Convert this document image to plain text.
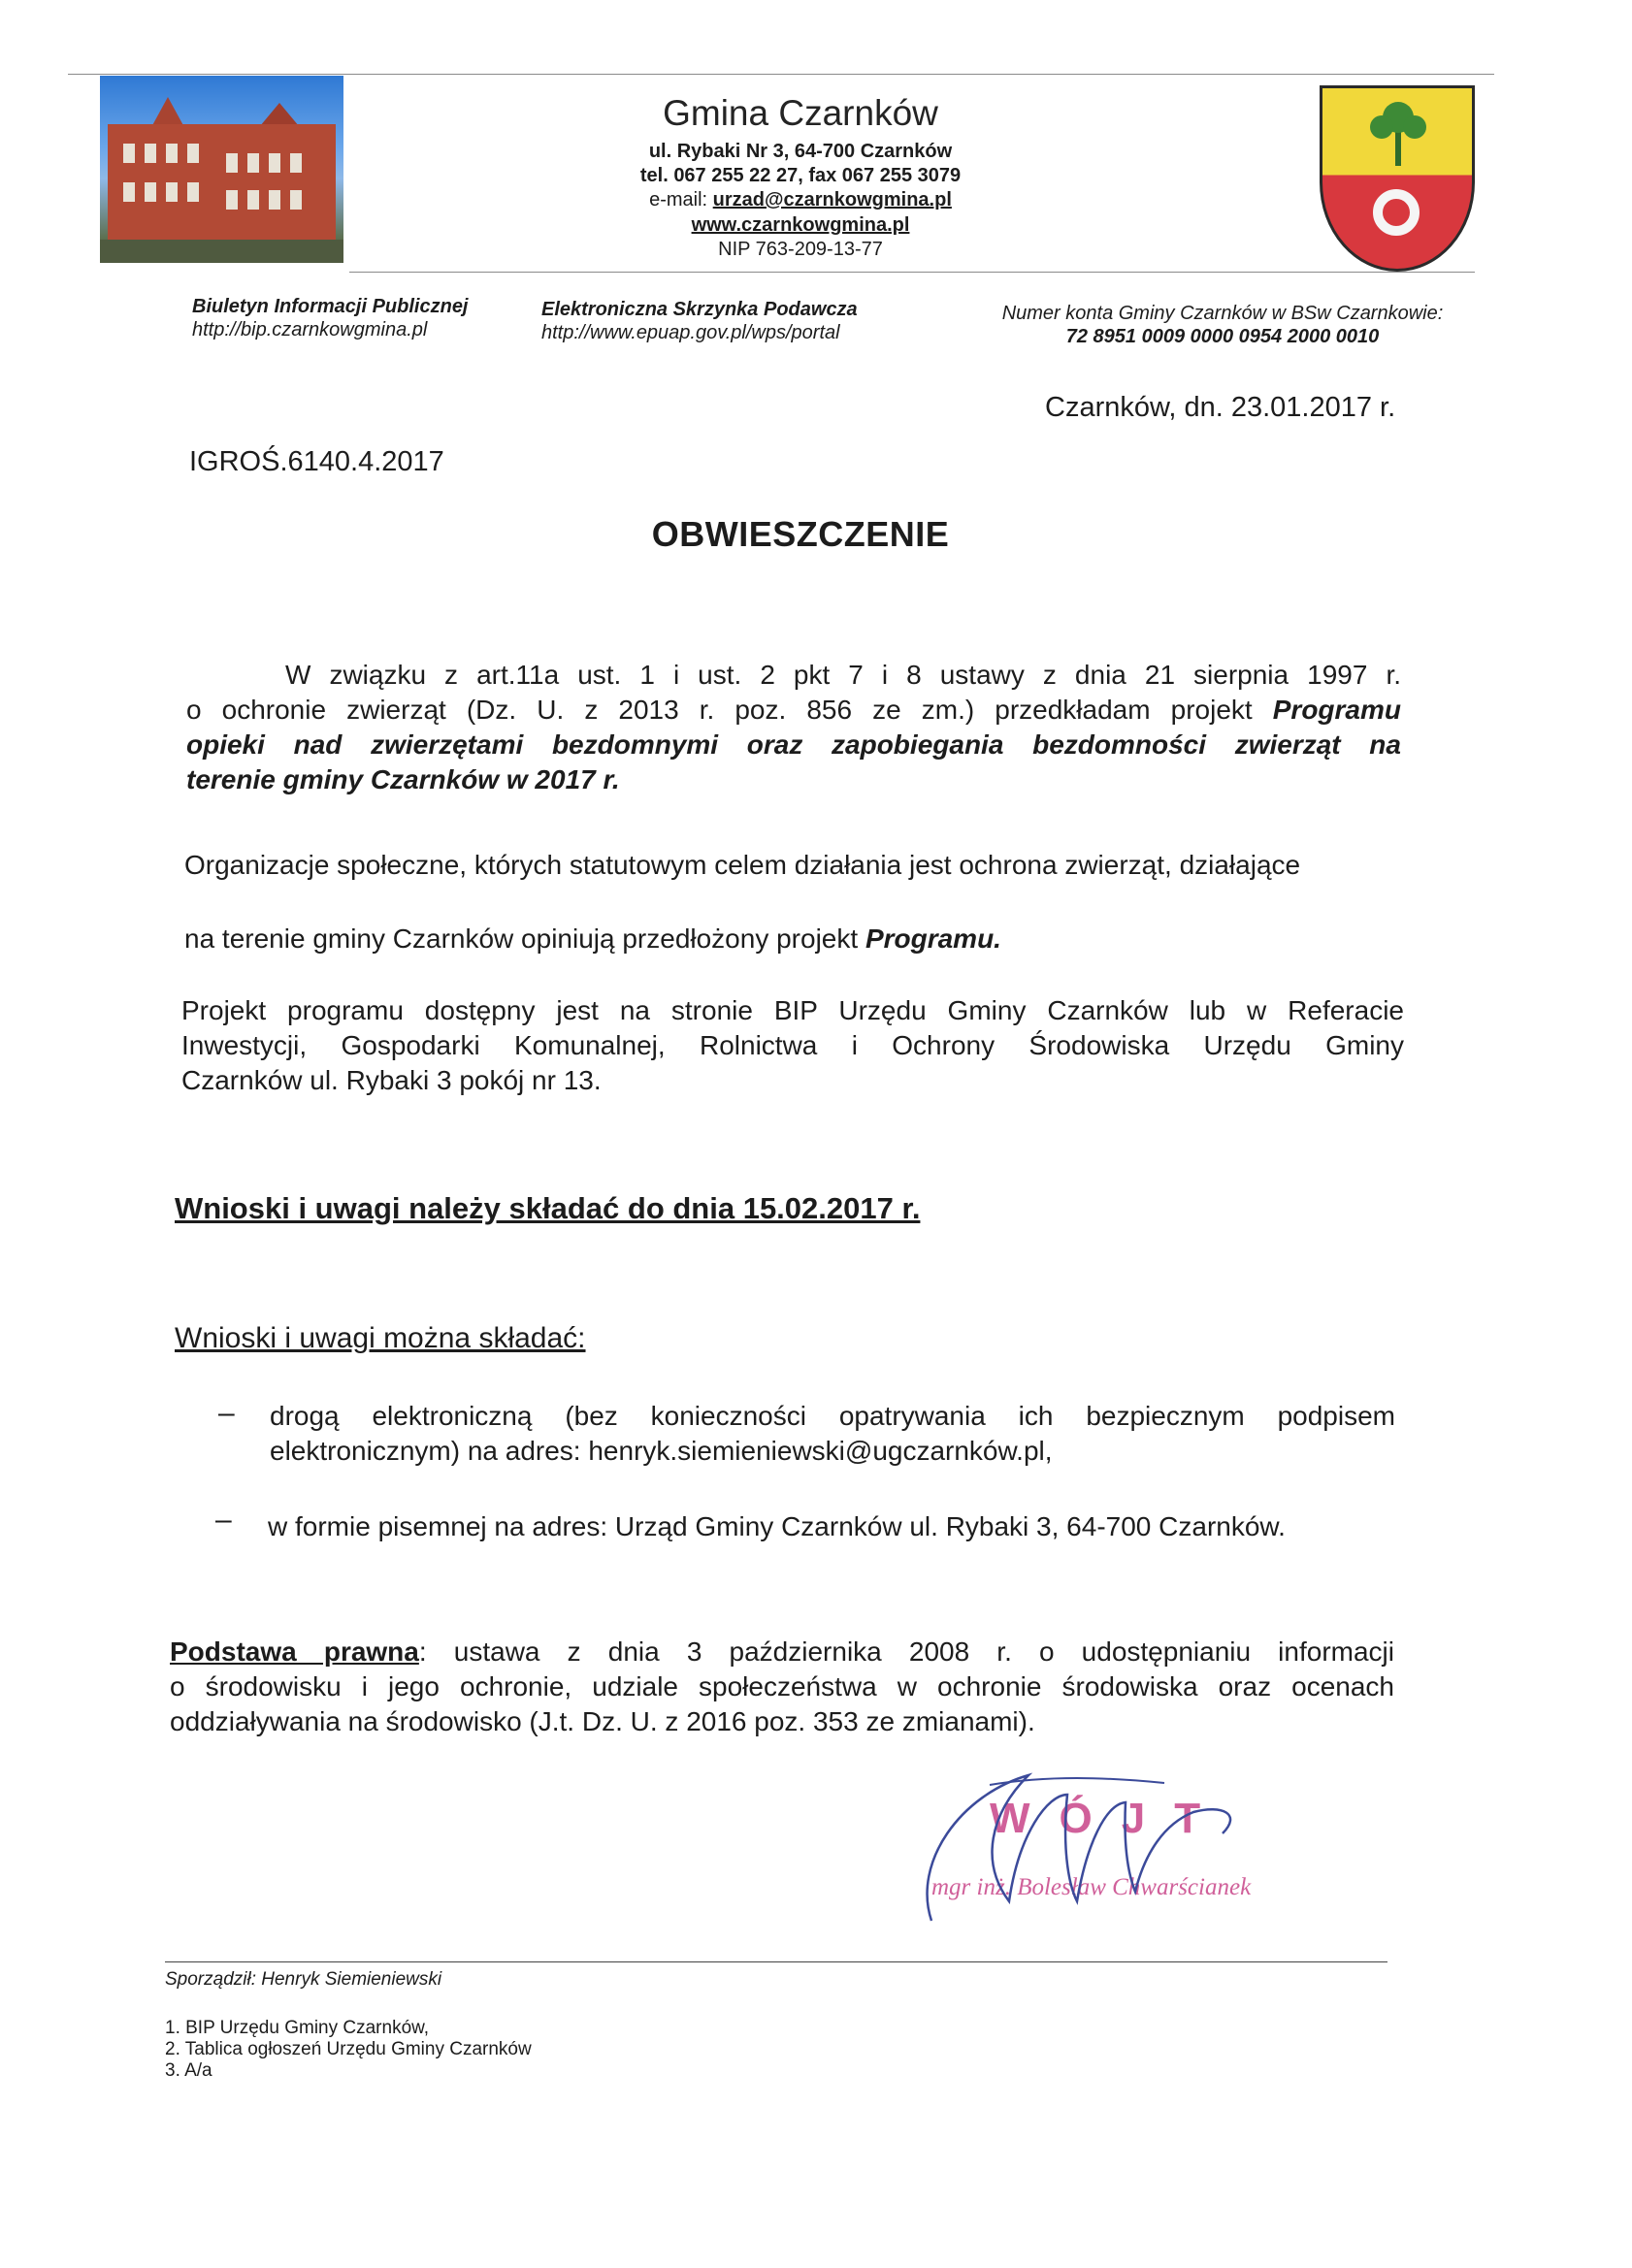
Gmina Czarnków
ul. Rybaki Nr 3, 64-700 Czarnków
tel. 067 255 22 27, fax 067 255 3079
e-mail: urzad@czarnkowgmina.pl
www.czarnkowgmina.pl
NIP 763-209-13-77
Biuletyn Informacji Publicznej
http://bip.czarnkowgmina.pl
Elektroniczna Skrzynka Podawcza
http://www.epuap.gov.pl/wps/portal
Numer konta Gminy Czarnków w BSw Czarnkowie:
72 8951 0009 0000 0954 2000 0010
Czarnków, dn. 23.01.2017 r.
IGROŚ.6140.4.2017
OBWIESZCZENIE
W związku z art.11a ust. 1 i ust. 2 pkt 7 i 8 ustawy z dnia 21 sierpnia 1997 r.
o ochronie zwierząt (Dz. U. z 2013 r. poz. 856 ze zm.) przedkładam projekt Programu
opieki nad zwierzętami bezdomnymi oraz zapobiegania bezdomności zwierząt na
terenie gminy Czarnków w 2017 r.
Organizacje społeczne, których statutowym celem działania jest ochrona zwierząt, działające
na terenie gminy Czarnków opiniują przedłożony projekt Programu.
Projekt programu dostępny jest na stronie BIP Urzędu Gminy Czarnków lub w Referacie
Inwestycji, Gospodarki Komunalnej, Rolnictwa i Ochrony Środowiska Urzędu Gminy
Czarnków ul. Rybaki 3 pokój nr 13.
Wnioski i uwagi należy składać do dnia 15.02.2017 r.
Wnioski i uwagi można składać:
– drogą elektroniczną (bez konieczności opatrywania ich bezpiecznym podpisem
elektronicznym) na adres: henryk.siemieniewski@ugczarnków.pl,
– w formie pisemnej na adres: Urząd Gminy Czarnków ul. Rybaki 3, 64-700 Czarnków.
Podstawa prawna: ustawa z dnia 3 października 2008 r. o udostępnianiu informacji
o środowisku i jego ochronie, udziale społeczeństwa w ochronie środowiska oraz ocenach
oddziaływania na środowisko (J.t. Dz. U. z 2016 poz. 353 ze zmianami).
WÓJT
mgr inż. Bolesław Chwarścianek
Sporządził: Henryk Siemieniewski
1. BIP Urzędu Gminy Czarnków,
2. Tablica ogłoszeń Urzędu Gminy Czarnków
3. A/a
